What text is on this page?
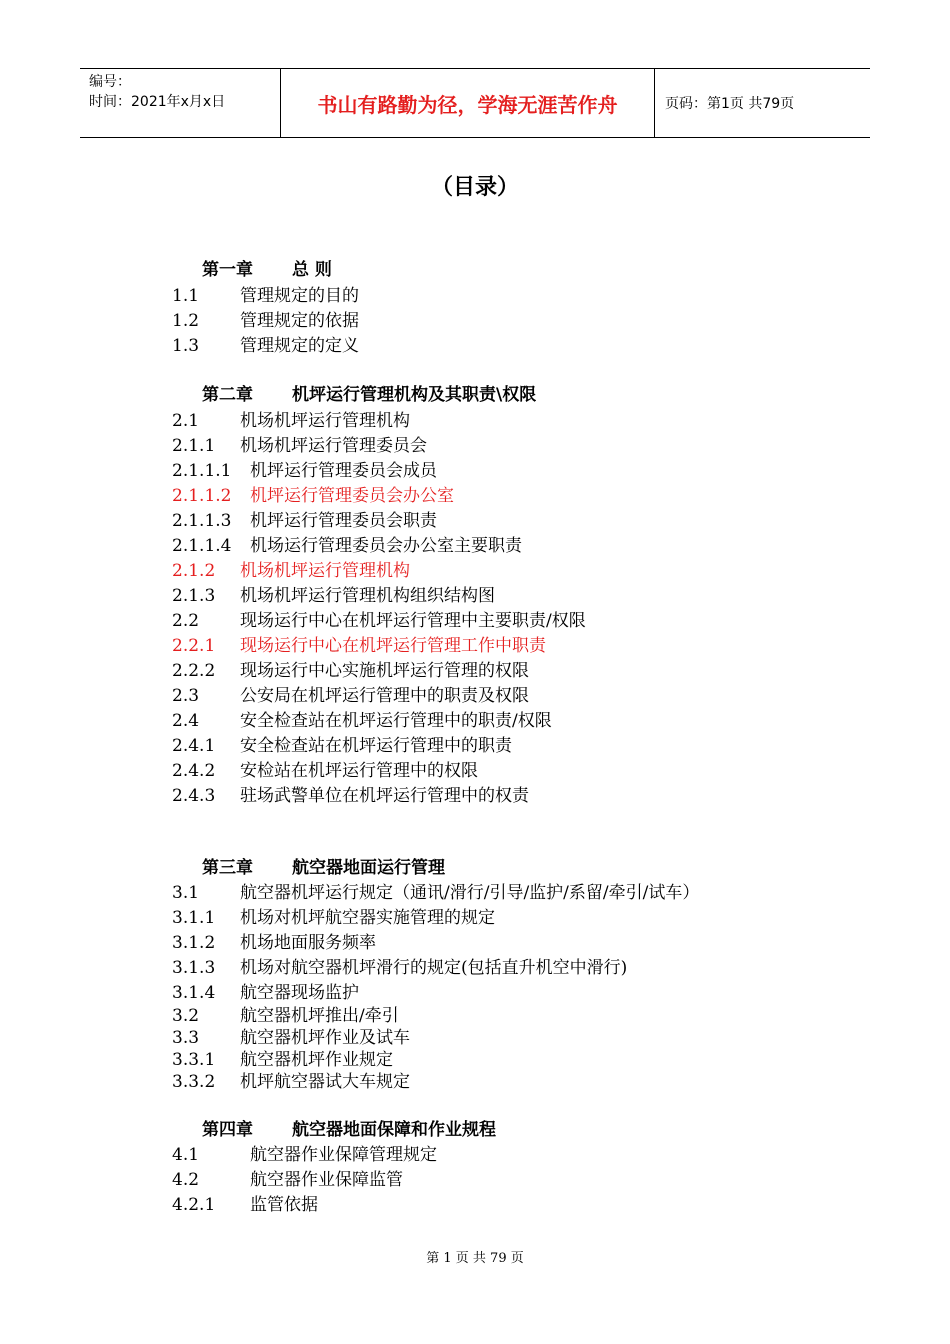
编号：
时间：2021年x月x日	书山有路勤为径，学海无涯苦作舟	页码：第1页 共79页
（目录）
第一章 总 则
1.1 管理规定的目的
1.2 管理规定的依据
1.3 管理规定的定义
第二章 机坪运行管理机构及其职责\权限
2.1 机场机坪运行管理机构
2.1.1 机场机坪运行管理委员会
2.1.1.1 机坪运行管理委员会成员
2.1.1.2 机坪运行管理委员会办公室
2.1.1.3 机坪运行管理委员会职责
2.1.1.4 机场运行管理委员会办公室主要职责
2.1.2 机场机坪运行管理机构
2.1.3 机场机坪运行管理机构组织结构图
2.2 现场运行中心在机坪运行管理中主要职责/权限
2.2.1 现场运行中心在机坪运行管理工作中职责
2.2.2 现场运行中心实施机坪运行管理的权限
2.3 公安局在机坪运行管理中的职责及权限
2.4 安全检查站在机坪运行管理中的职责/权限
2.4.1 安全检查站在机坪运行管理中的职责
2.4.2 安检站在机坪运行管理中的权限
2.4.3 驻场武警单位在机坪运行管理中的权责
第三章 航空器地面运行管理
3.1 航空器机坪运行规定（通讯/滑行/引导/监护/系留/牵引/试车）
3.1.1 机场对机坪航空器实施管理的规定
3.1.2 机场地面服务频率
3.1.3 机场对航空器机坪滑行的规定(包括直升机空中滑行)
3.1.4 航空器现场监护
3.2 航空器机坪推出/牵引
3.3 航空器机坪作业及试车
3.3.1 航空器机坪作业规定
3.3.2 机坪航空器试大车规定
第四章 航空器地面保障和作业规程
4.1	航空器作业保障管理规定
4.2	航空器作业保障监管
4.2.1 监管依据
第 1 页 共 79 页
